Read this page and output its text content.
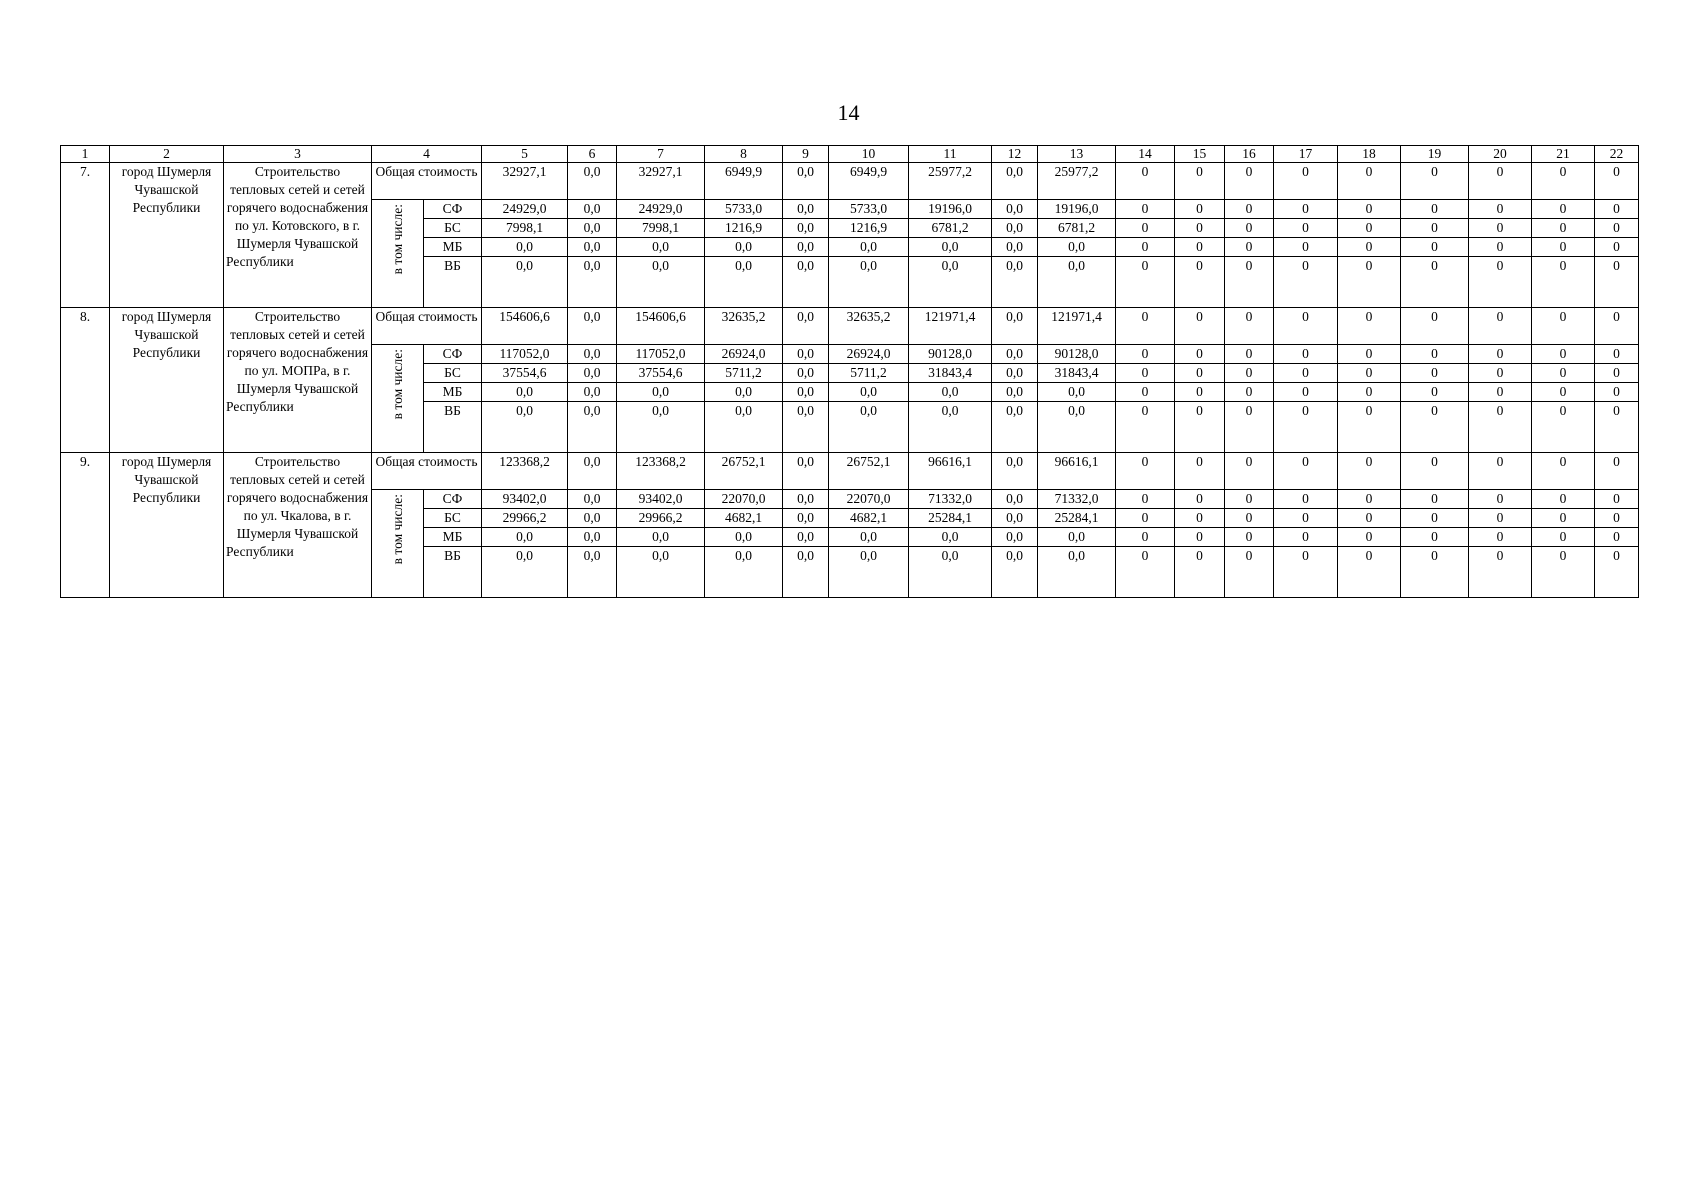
14
1	2	3	4		5	6	7	8	9	10	11	12	13	14	15	16	17	18	19	20	21	22
7.	город Шумерля Чувашской Республики	Строительство тепловых сетей и сетей горячего водоснабжения по ул. Котовского, в г. Шумерля Чувашской Республики	Общая стоимость		32927,1	0,0	32927,1	6949,9	0,0	6949,9	25977,2	0,0	25977,2	0	0	0	0	0	0	0	0	0
			в том числе:	СФ	24929,0	0,0	24929,0	5733,0	0,0	5733,0	19196,0	0,0	19196,0	0	0	0	0	0	0	0	0	0
				БС	7998,1	0,0	7998,1	1216,9	0,0	1216,9	6781,2	0,0	6781,2	0	0	0	0	0	0	0	0	0
				МБ	0,0	0,0	0,0	0,0	0,0	0,0	0,0	0,0	0,0	0	0	0	0	0	0	0	0	0
				ВБ	0,0	0,0	0,0	0,0	0,0	0,0	0,0	0,0	0,0	0	0	0	0	0	0	0	0	0
8.	город Шумерля Чувашской Республики	Строительство тепловых сетей и сетей горячего водоснабжения по ул. МОПРа, в г. Шумерля Чувашской Республики	Общая стоимость		154606,6	0,0	154606,6	32635,2	0,0	32635,2	121971,4	0,0	121971,4	0	0	0	0	0	0	0	0	0
			в том числе:	СФ	117052,0	0,0	117052,0	26924,0	0,0	26924,0	90128,0	0,0	90128,0	0	0	0	0	0	0	0	0	0
				БС	37554,6	0,0	37554,6	5711,2	0,0	5711,2	31843,4	0,0	31843,4	0	0	0	0	0	0	0	0	0
				МБ	0,0	0,0	0,0	0,0	0,0	0,0	0,0	0,0	0,0	0	0	0	0	0	0	0	0	0
				ВБ	0,0	0,0	0,0	0,0	0,0	0,0	0,0	0,0	0,0	0	0	0	0	0	0	0	0	0
9.	город Шумерля Чувашской Республики	Строительство тепловых сетей и сетей горячего водоснабжения по ул. Чкалова, в г. Шумерля Чувашской Республики	Общая стоимость		123368,2	0,0	123368,2	26752,1	0,0	26752,1	96616,1	0,0	96616,1	0	0	0	0	0	0	0	0	0
			в том числе:	СФ	93402,0	0,0	93402,0	22070,0	0,0	22070,0	71332,0	0,0	71332,0	0	0	0	0	0	0	0	0	0
				БС	29966,2	0,0	29966,2	4682,1	0,0	4682,1	25284,1	0,0	25284,1	0	0	0	0	0	0	0	0	0
				МБ	0,0	0,0	0,0	0,0	0,0	0,0	0,0	0,0	0,0	0	0	0	0	0	0	0	0	0
				ВБ	0,0	0,0	0,0	0,0	0,0	0,0	0,0	0,0	0,0	0	0	0	0	0	0	0	0	0
